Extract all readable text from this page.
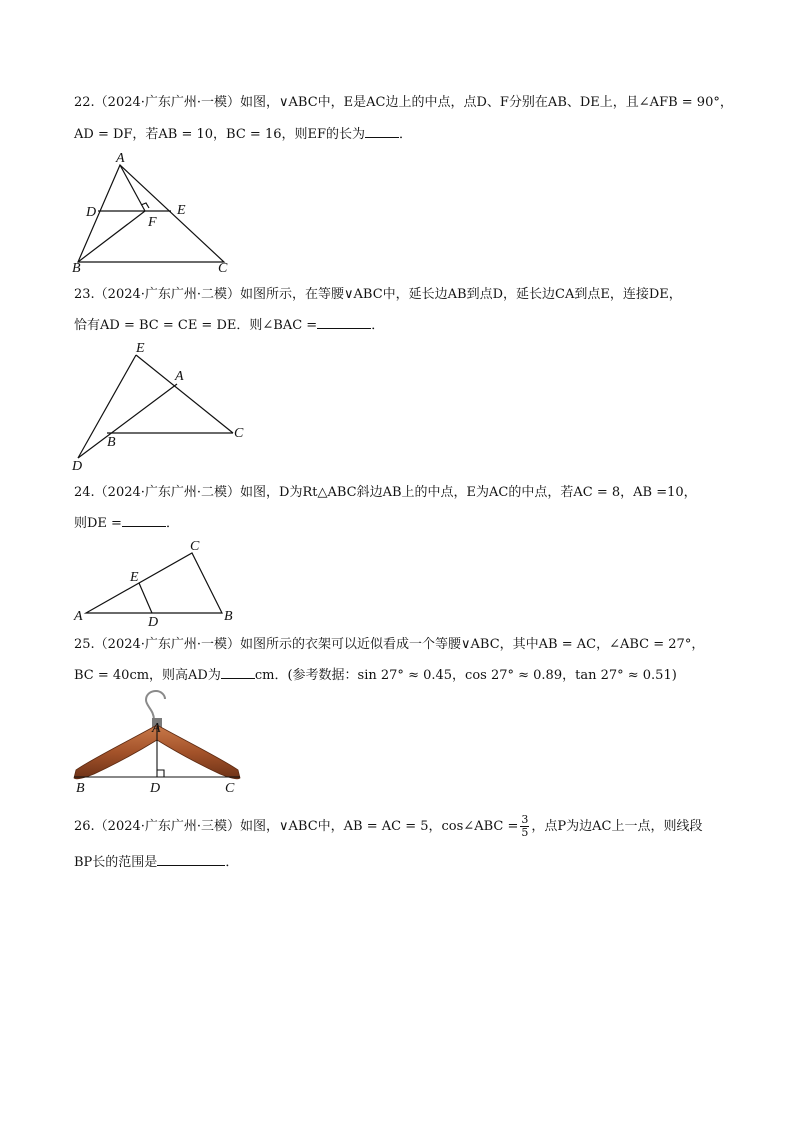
22.（2024·广东广州·一模）如图，∨ABC中，E是AC边上的中点，点D、F分别在AB、DE上，且∠AFB = 90°，
AD = DF，若AB = 10，BC = 16，则EF的长为	．
A
D	E
F
B	C
23.（2024·广东广州·二模）如图所示，在等腰∨ABC中，延长边AB到点D，延长边CA到点E，连接DE，
恰有AD = BC = CE = DE．则∠BAC =	．
E
A
B
C
D
24.（2024·广东广州·二模）如图，D为Rt△ABC斜边AB上的中点，E为AC的中点，若AC = 8，AB =10，
则DE =	．
C
E
A	D	B
25.（2024·广东广州·一模）如图所示的衣架可以近似看成一个等腰∨ABC，其中AB = AC，∠ABC = 27°，
BC = 40cm，则高AD为	cm．(参考数据：sin 27° ≈ 0.45，cos 27° ≈ 0.89，tan 27° ≈ 0.51)
A
B	D	C
26.（2024·广东广州·三模）如图，∨ABC中，AB = AC = 5，cos∠ABC = $\frac{3}{5}$ ，点P为边AC上一点，则线段
BP长的范围是	．
